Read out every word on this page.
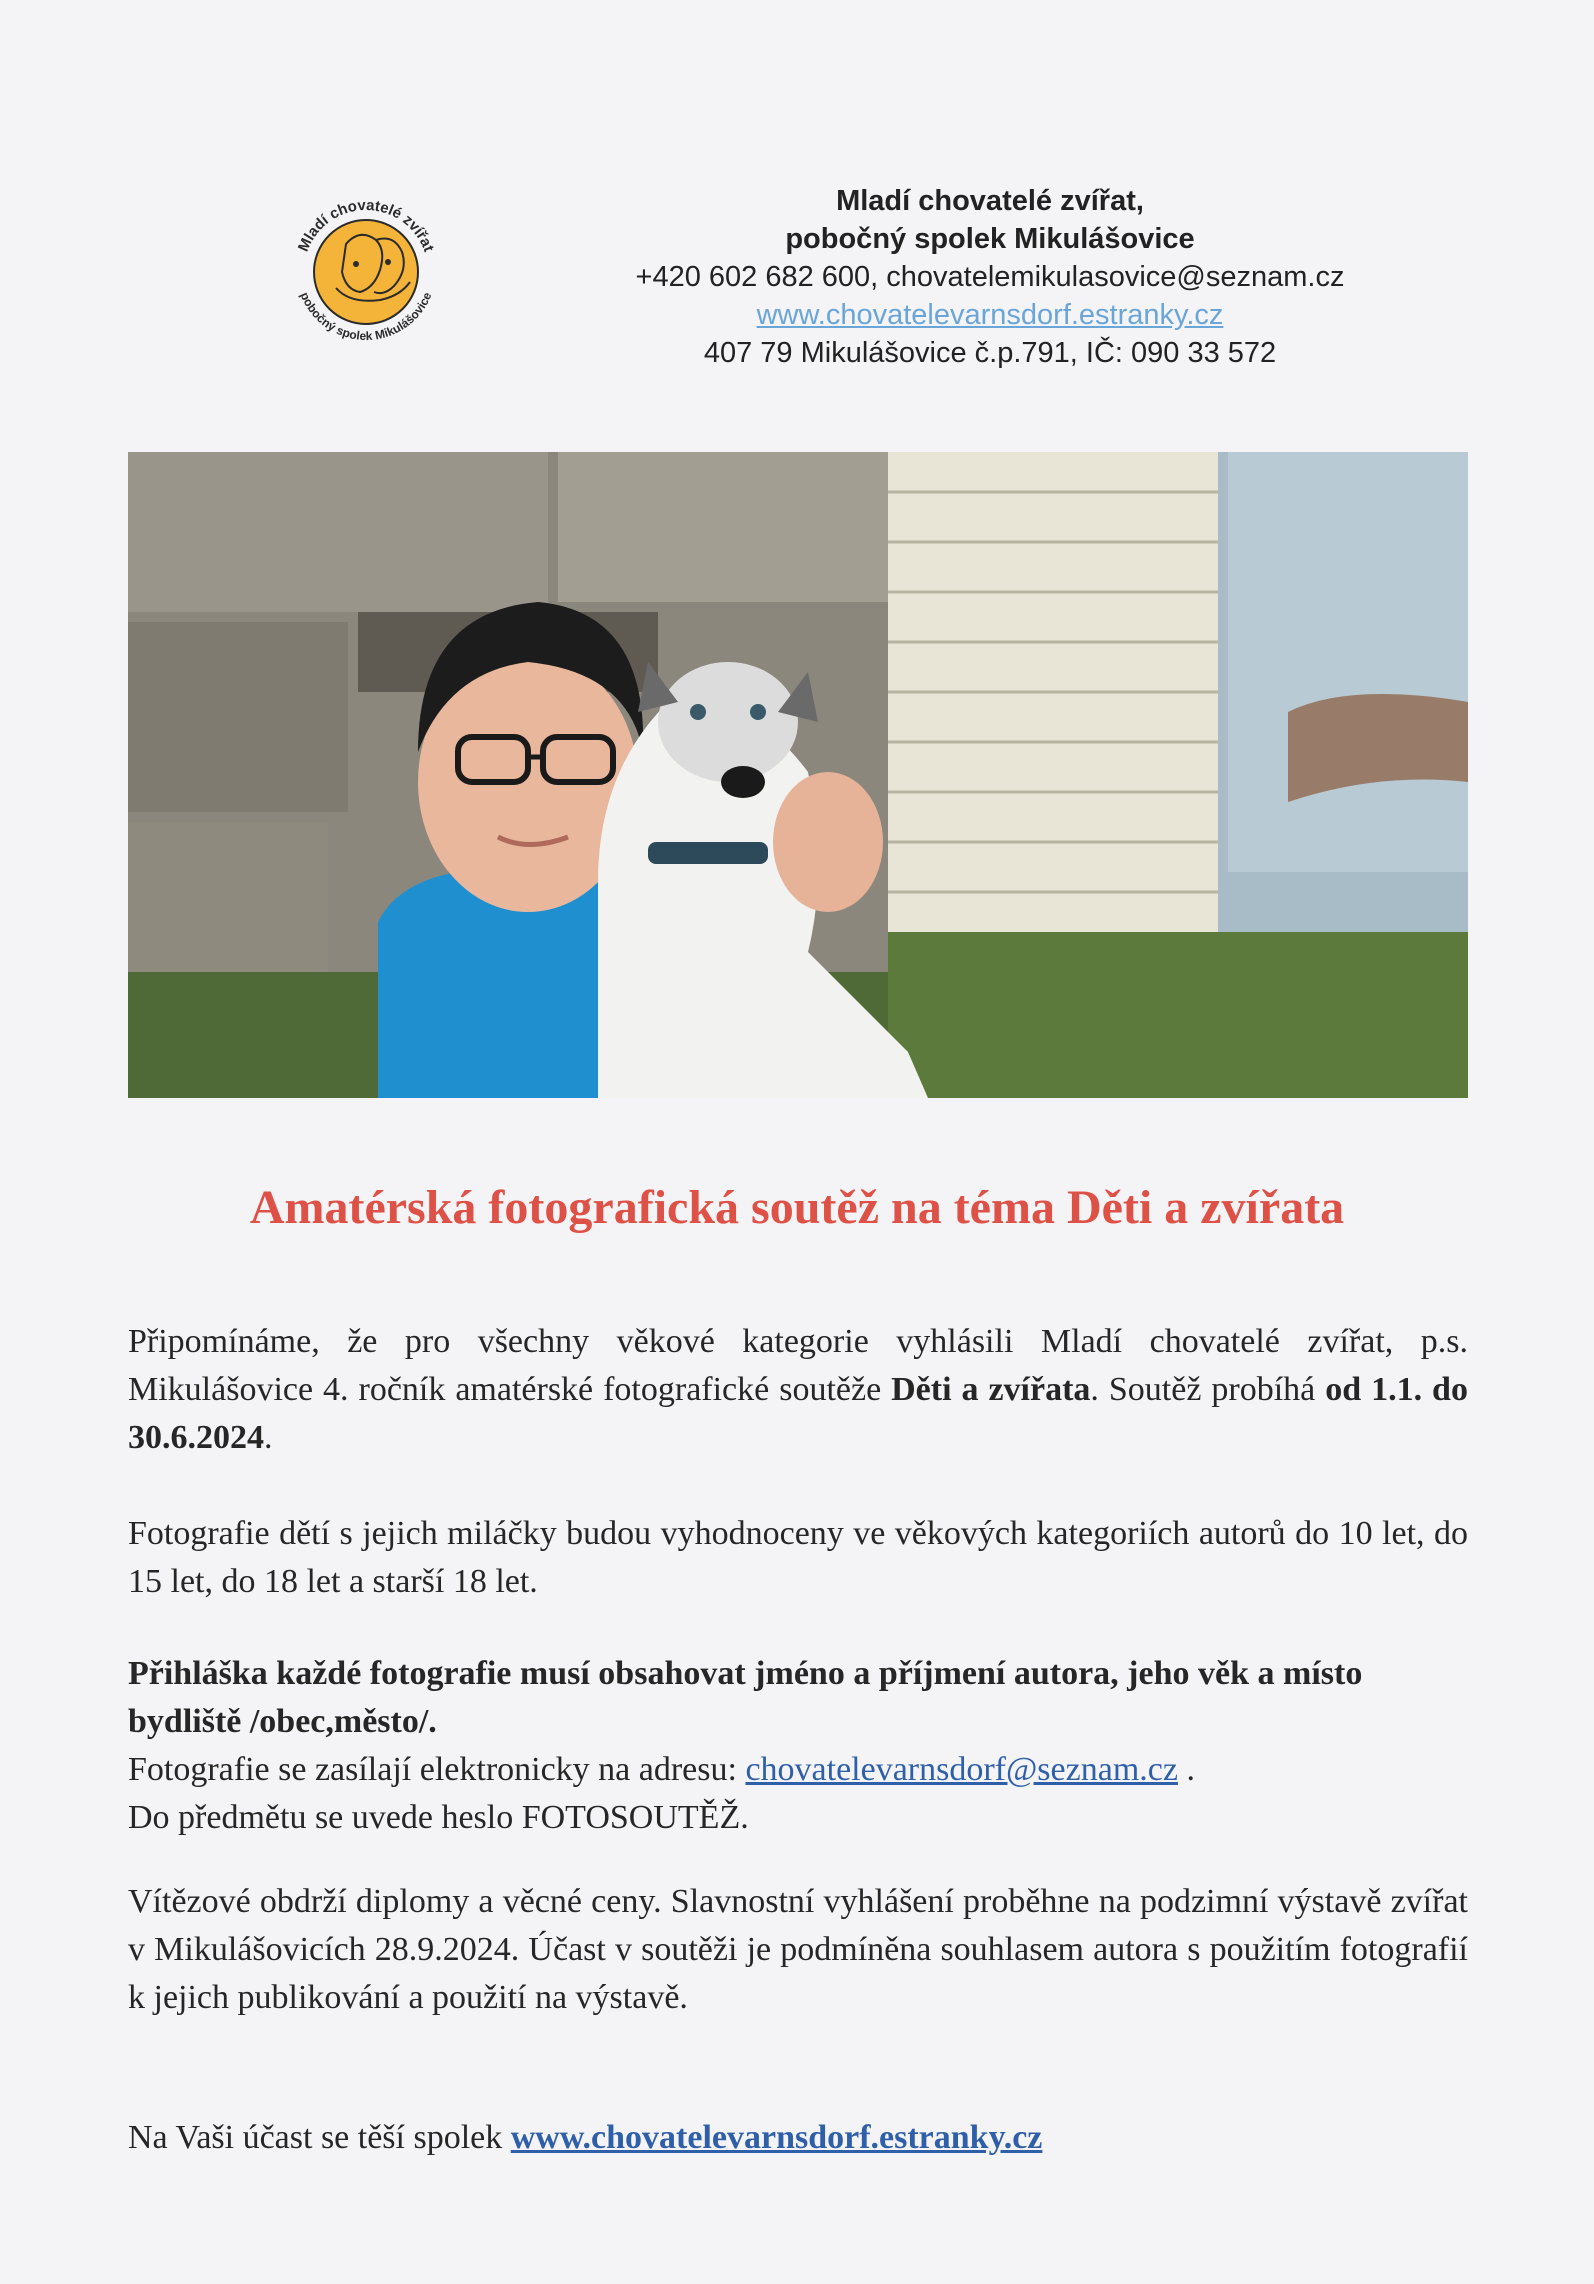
Mladí chovatelé zvířat
pobočný spolek Mikulášovice
Mladí chovatelé zvířat,
pobočný spolek Mikulášovice
+420 602 682 600, chovatelemikulasovice@seznam.cz
www.chovatelevarnsdorf.estranky.cz
407 79 Mikulášovice č.p.791, IČ: 090 33 572
Amatérská fotografická soutěž na téma Děti a zvířata

Připomínáme, že pro všechny věkové kategorie vyhlásili Mladí chovatelé zvířat, p.s. Mikulášovice 4. ročník amatérské fotografické soutěže Děti a zvířata. Soutěž probíhá od 1.1. do 30.6.2024.

Fotografie dětí s jejich miláčky budou vyhodnoceny ve věkových kategoriích autorů do 10 let, do 15 let, do 18 let a starší 18 let.

Přihláška každé fotografie musí obsahovat jméno a příjmení autora, jeho věk a místo bydliště /obec,město/.
Fotografie se zasílají elektronicky na adresu: chovatelevarnsdorf@seznam.cz .
Do předmětu se uvede heslo FOTOSOUTĚŽ.

Vítězové obdrží diplomy a věcné ceny. Slavnostní vyhlášení proběhne na podzimní výstavě zvířat v Mikulášovicích 28.9.2024. Účast v soutěži je podmíněna souhlasem autora s použitím fotografií k jejich publikování a použití na výstavě.

Na Vaši účast se těší spolek www.chovatelevarnsdorf.estranky.cz
